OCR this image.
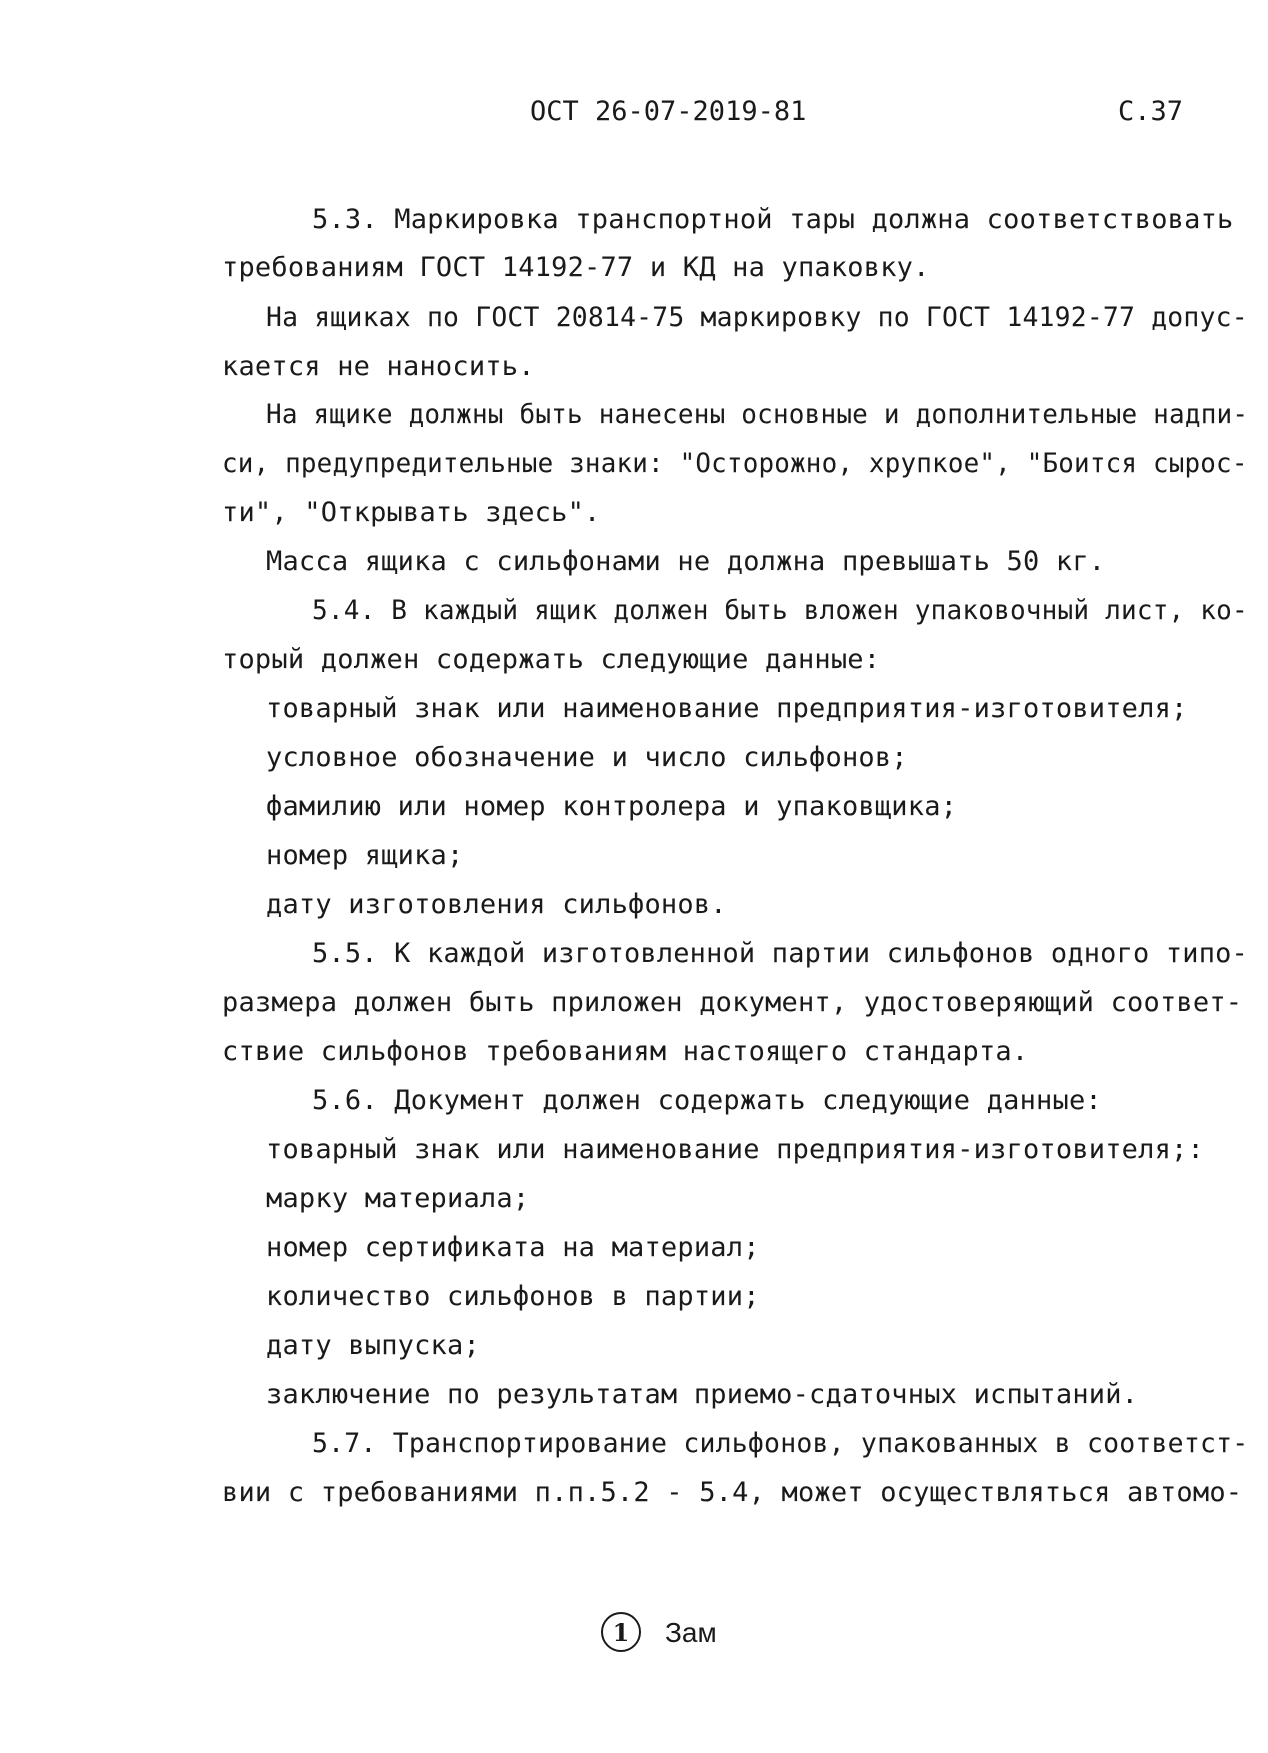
ОСТ 26-07-2019-81	С.37
5.3. Маркировка транспортной тары должна соответствовать
требованиям ГОСТ 14192-77 и КД на упаковку.
На ящиках по ГОСТ 20814-75 маркировку по ГОСТ 14192-77 допус-
кается не наносить.
На ящике должны быть нанесены основные и дополнительные надпи-
си, предупредительные знаки: "Осторожно, хрупкое", "Боится сырос-
ти", "Открывать здесь".
Масса ящика с сильфонами не должна превышать 50 кг.
5.4. В каждый ящик должен быть вложен упаковочный лист, ко-
торый должен содержать следующие данные:
товарный знак или наименование предприятия-изготовителя;
условное обозначение и число сильфонов;
фамилию или номер контролера и упаковщика;
номер ящика;
дату изготовления сильфонов.
5.5. К каждой изготовленной партии сильфонов одного типо-
размера должен быть приложен документ, удостоверяющий соответ-
ствие сильфонов требованиям настоящего стандарта.
5.6. Документ должен содержать следующие данные:
товарный знак или наименование предприятия-изготовителя;:
марку материала;
номер сертификата на материал;
количество сильфонов в партии;
дату выпуска;
заключение по результатам приемо-сдаточных испытаний.
5.7. Транспортирование сильфонов, упакованных в соответст-
вии с требованиями п.п.5.2 - 5.4, может осуществляться автомо-
1	Зам
